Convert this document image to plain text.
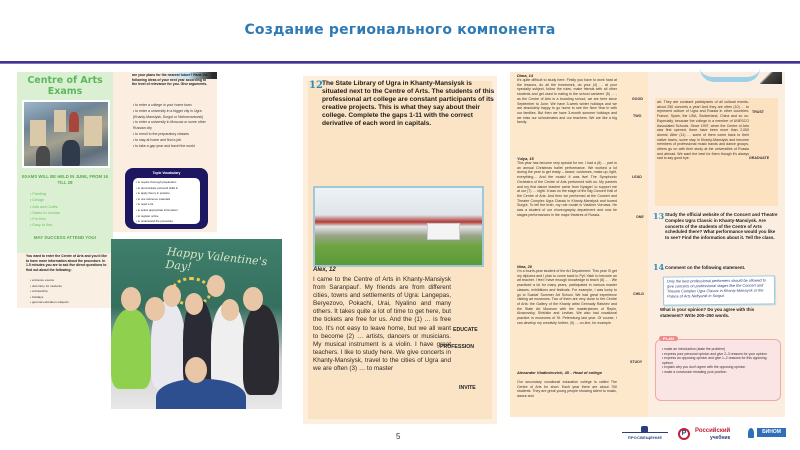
Создание регионального компонента
Centre of Arts Exams
EXAMS WILL BE HELD IN JUNE, FROM 16 TILL 28
• Painting
• Design
• Arts and Crafts
• Dates to choose
• For free
• Easy to find
MAY SUCCESS ATTEND YOU!
You want to enter the Centre of Arts and you'd like to have more information about the procedure. In 1.5 minutes you are to ask five direct questions to find out about the following:
• entrance exams
• dormitory for students
• scholarship
• holidays
• general education subjects
are your plans for the nearest future? Rank the following ideas of your next year according to the level of relevance for you. Give arguments.
• to enter a college in your home town
• to enter a university in a bigger city in Ugra (Khanty-Mansiysk, Surgut or Nizhnevartovsk)
• to enter a university in Moscow or some other Russian city
• to enroll to the preparatory classes
• to stay at home and find a job
• to take a gap year and travel the world
Topic Vocabulary
• to require thorough preparation
• to demonstrate profound skills in
• to apply theory in practice
• to use reference materials
• to need a lot
• to select appropriate information
• to register online
• to understand the procedure
Happy Valentine's Day!
12 The State Library of Ugra in Khanty-Mansiysk is situated next to the Centre of Arts. The students of this professional art college are constant participants of its creative projects. This is what they say about their college. Complete the gaps 1-11 with the correct derivative of each word in capitals.
Alex, 12
I came to the Centre of Arts in Khanty-Mansiysk from Saranpaul'. My friends are from different cities, towns and settlements of Ugra: Langepas, Beryezovo, Pokachi, Urai, Nyalino and many others. It takes quite a lot of time to get here, but the tickets are free for us. And the (1) … is free too. It's not easy to leave home, but we all want to become (2) … artists, dancers or musicians. My musical instrument is a violin. I have great teachers. I like to study here. We give concerts in Khanty-Mansiysk, travel to the cities of Ugra and we are often (3) … to master
EDUCATE
PROFESSION
INVITE
Dima, 14
It's quite difficult to study here. Firstly you have to work hard at the lessons, do all the homework, do your (4) … at your specialty subject, follow the rules, make friends with all other students and get used to eating in the school canteen! (5) … , as the Centre of Arts is a boarding school, we are here since September to June. We have 3-week winter holidays and we are absolutely happy to go home to see the New Year in with our families. But then we have 3-month summer holidays and we miss our schoolmates and our teachers. We are like a big family.
Yulya, 15
This year has become very special for me. I had a (6) … part in an annual Christmas ballet performance. We worked a lot during the year to get ready – dance, costumes, make-up, light, everything… And the music! It was live! The Symphonic Orchestra of the Centre of Arts performed with us. My parents and my first dance teacher came from Nyagan' to support me at our (7) … night. It was on the stage of the Big Concert Hall of the Centre of Arts. And then we performed at the Concert and Theatre Complex Ugra Classic in Khanty-Mansiysk and toured Surgut. To tell the truth, my role model is Vladimir Vornava. He was a student of our choreography department and now he stages performances in the major theatres of Russia.
Nina, 20
I'm a fourth-year student of the Art Department. This year I'll get my diploma and I plan to come back to Pyt'-Yakh to become an art teacher. I feel I have enough knowledge to teach (8) … . We practiced a lot for many years, participated in various master classes, exhibitions and festivals. For example, I was lucky to go to Suzdal' Summer Art School. We had great experience visiting art museums. Two of them are very close to the Centre of Arts: the Gallery of the Khanty artist Gennady Raishev and the State Art Museum with the masterpieces of Repin, Aivazovsky, Shishkin and Levitan. We also had vocational practice in museums of St. Petersburg last year. Of course, I can develop my creativity further, (9) … on-line, for example.
Alexander Vladimirovich, 45 – Head of college
Our secondary vocational education college is called The Centre of Arts for short. Each year there are about 700 students. They are great young people showing talent to music, dance and
GOOD
TWO
LEAD
ONE
CHILD
STUDY
art. They are constant participants of all cultural events- about 250 concerts a year! And they are often (10) … to represent culture of Ugra and Russia in other countries: France, Spain, the USA, Switzerland, China and so on. Especially, because the college is a member of UNESCO Associated Schools. Since 1997, when the Centre of Arts was first opened, there have been more than 2,000 alumni. After (11) … some of them come back to their native towns, some stay in Khanty-Mansiysk and become members of professional music bands and dance groups, others go on with their study at the universities of Russia and abroad. We want the best for them though it's always sad to say good bye.
TRUST
GRADUATE
13 Study the official website of the Concert and Theatre Complex Ugra Classic in Khanty-Mansiysk. Are concerts of the students of the Centre of Arts scheduled there? What performance would you like to see? Find the information about it. Tell the class.
14 Comment on the following statement.
Only the best professional performers should be allowed to give concerts on professional stages like the Concert and Theatre Complex Ugra Classic in Khanty-Mansiysk or the Palace of Arts Neftyanik in Surgut.
What is your opinion? Do you agree with this statement? Write 200–250 words.
• make an introduction (state the problem)
• express your personal opinion and give 2–3 reasons for your opinion
• express an opposing opinion and give 1–2 reasons for this opposing opinion
• explain why you don't agree with the opposing opinion
• make a conclusion restating your position
PLAN
5	ПРОСВЕЩЕНИЕ
Р	Российский
учебник
БИНОМ
